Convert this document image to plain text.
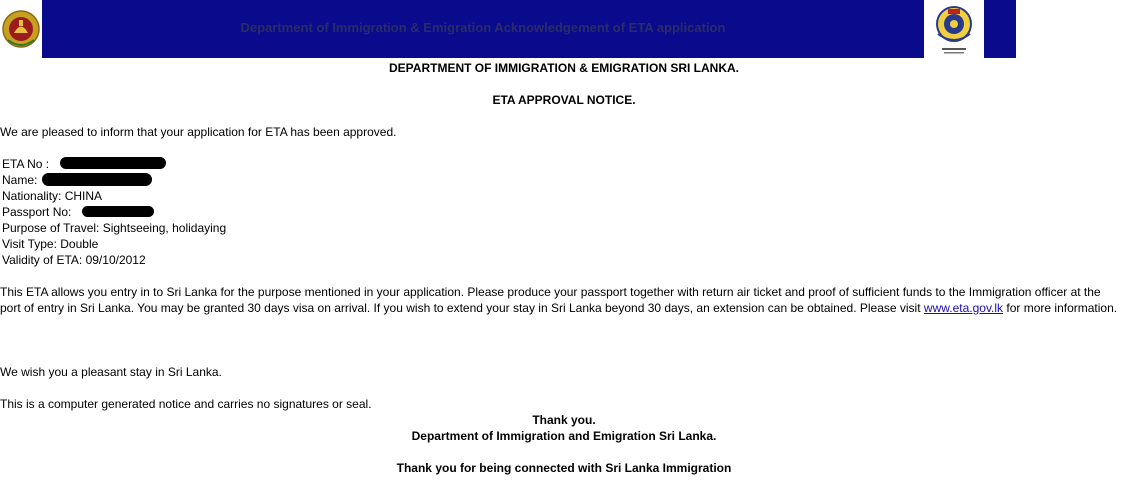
Department of Immigration & Emigration Acknowledgement of ETA application
DEPARTMENT OF IMMIGRATION & EMIGRATION SRI LANKA.
ETA APPROVAL NOTICE.
We are pleased to inform that your application for ETA has been approved.
ETA No :
Name:
Nationality: CHINA
Passport No:
Purpose of Travel: Sightseeing, holidaying
Visit Type: Double
Validity of ETA: 09/10/2012
This ETA allows you entry in to Sri Lanka for the purpose mentioned in your application. Please produce your passport together with return air ticket and proof of sufficient funds to the Immigration officer at the port of entry in Sri Lanka. You may be granted 30 days visa on arrival. If you wish to extend your stay in Sri Lanka beyond 30 days, an extension can be obtained. Please visit www.eta.gov.lk for more information.
We wish you a pleasant stay in Sri Lanka.
This is a computer generated notice and carries no signatures or seal.
Thank you.
Department of Immigration and Emigration Sri Lanka.
Thank you for being connected with Sri Lanka Immigration
